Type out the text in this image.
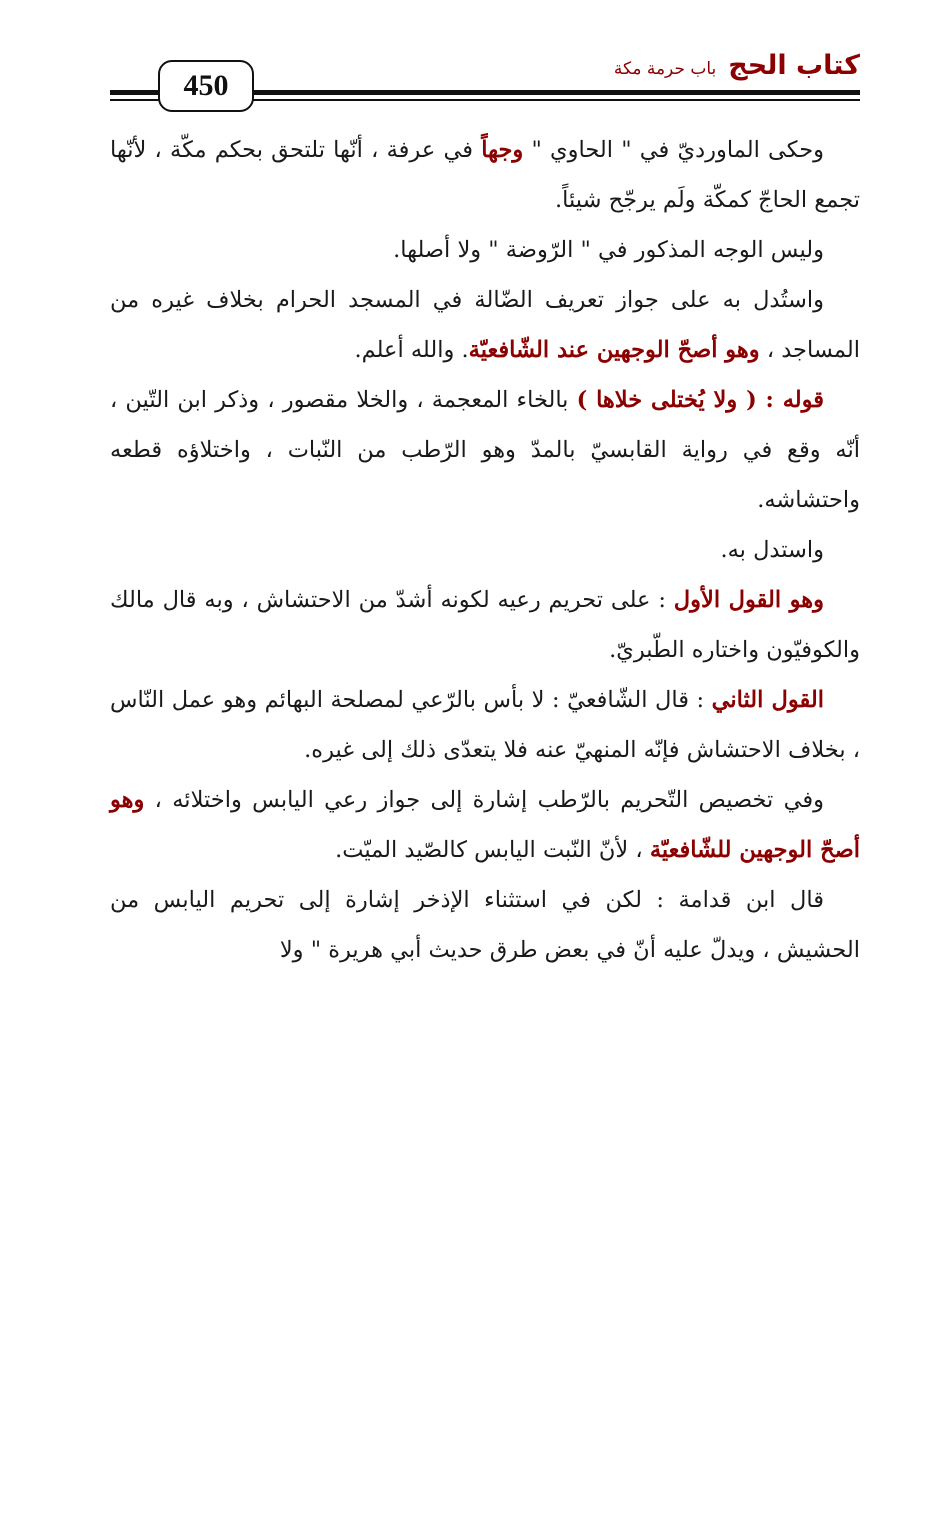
450
كتاب الحج
باب حرمة مكة

وحكى الماورديّ في " الحاوي " وجهاً في عرفة ، أنّها تلتحق بحكم مكّة ، لأنّها تجمع الحاجّ كمكّة ولَم يرجّح شيئاً.

وليس الوجه المذكور في " الرّوضة " ولا أصلها.

واستُدل به على جواز تعريف الضّالة في المسجد الحرام بخلاف غيره من المساجد ، وهو أصحّ الوجهين عند الشّافعيّة. والله أعلم.

قوله : ( ولا يُختلى خلاها ) بالخاء المعجمة ، والخلا مقصور ، وذكر ابن التّين ، أنّه وقع في رواية القابسيّ بالمدّ وهو الرّطب من النّبات ، واختلاؤه قطعه واحتشاشه.

واستدل به.

وهو القول الأول : على تحريم رعيه لكونه أشدّ من الاحتشاش ، وبه قال مالك والكوفيّون واختاره الطّبريّ.

القول الثاني : قال الشّافعيّ : لا بأس بالرّعي لمصلحة البهائم وهو عمل النّاس ، بخلاف الاحتشاش فإنّه المنهيّ عنه فلا يتعدّى ذلك إلى غيره.

وفي تخصيص التّحريم بالرّطب إشارة إلى جواز رعي اليابس واختلائه ، وهو أصحّ الوجهين للشّافعيّة ، لأنّ النّبت اليابس كالصّيد الميّت.

قال ابن قدامة : لكن في استثناء الإذخر إشارة إلى تحريم اليابس من الحشيش ، ويدلّ عليه أنّ في بعض طرق حديث أبي هريرة " ولا
